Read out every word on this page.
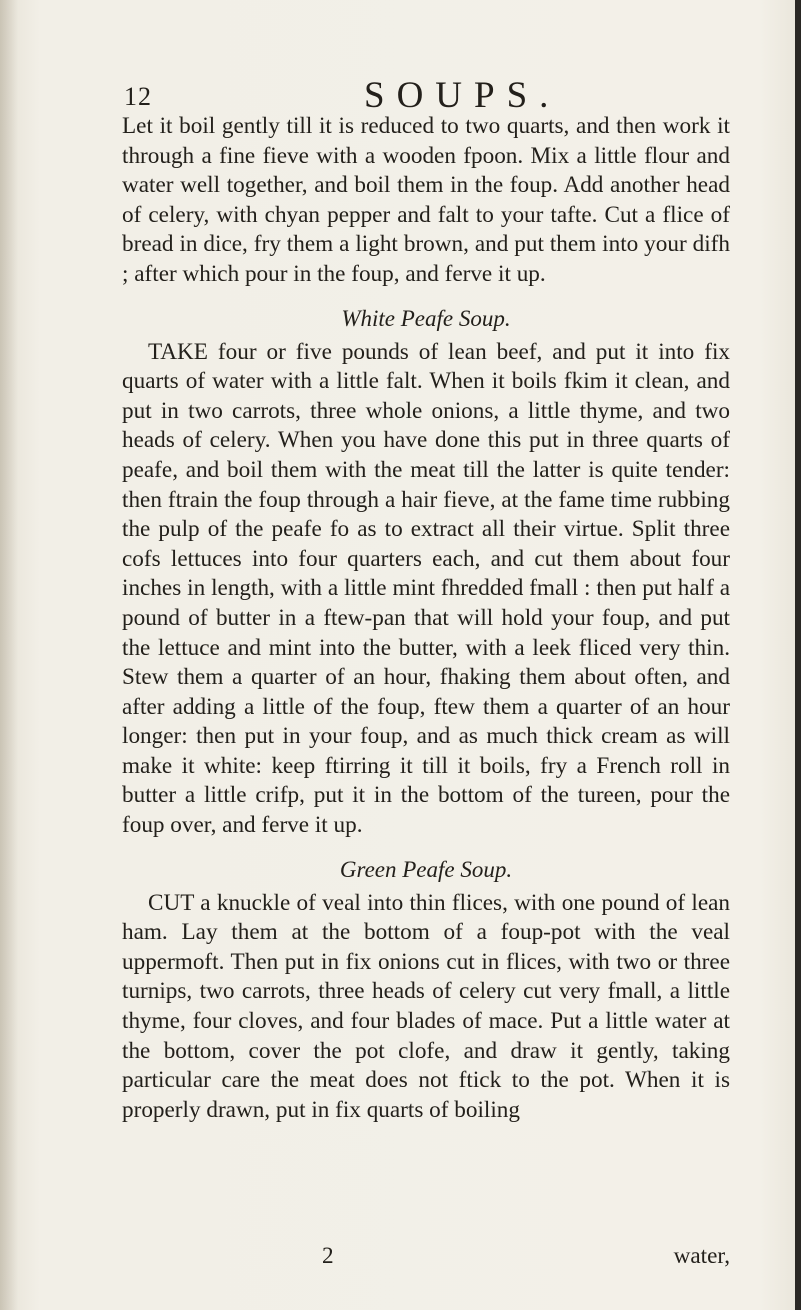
12	SOUPS.

Let it boil gently till it is reduced to two quarts, and then work it through a fine fieve with a wooden fpoon. Mix a little flour and water well together, and boil them in the foup. Add another head of celery, with chyan pepper and falt to your tafte. Cut a flice of bread in dice, fry them a light brown, and put them into your difh ; after which pour in the foup, and ferve it up.

White Peafe Soup.

TAKE four or five pounds of lean beef, and put it into fix quarts of water with a little falt. When it boils fkim it clean, and put in two carrots, three whole onions, a little thyme, and two heads of celery. When you have done this put in three quarts of peafe, and boil them with the meat till the latter is quite tender: then ftrain the foup through a hair fieve, at the fame time rubbing the pulp of the peafe fo as to extract all their virtue. Split three cofs lettuces into four quarters each, and cut them about four inches in length, with a little mint fhredded fmall : then put half a pound of butter in a ftew-pan that will hold your foup, and put the lettuce and mint into the butter, with a leek fliced very thin. Stew them a quarter of an hour, fhaking them about often, and after adding a little of the foup, ftew them a quarter of an hour longer: then put in your foup, and as much thick cream as will make it white: keep ftirring it till it boils, fry a French roll in butter a little crifp, put it in the bottom of the tureen, pour the foup over, and ferve it up.

Green Peafe Soup.

CUT a knuckle of veal into thin flices, with one pound of lean ham. Lay them at the bottom of a foup-pot with the veal uppermoft. Then put in fix onions cut in flices, with two or three turnips, two carrots, three heads of celery cut very fmall, a little thyme, four cloves, and four blades of mace. Put a little water at the bottom, cover the pot clofe, and draw it gently, taking particular care the meat does not ftick to the pot. When it is properly drawn, put in fix quarts of boiling

2	water,
